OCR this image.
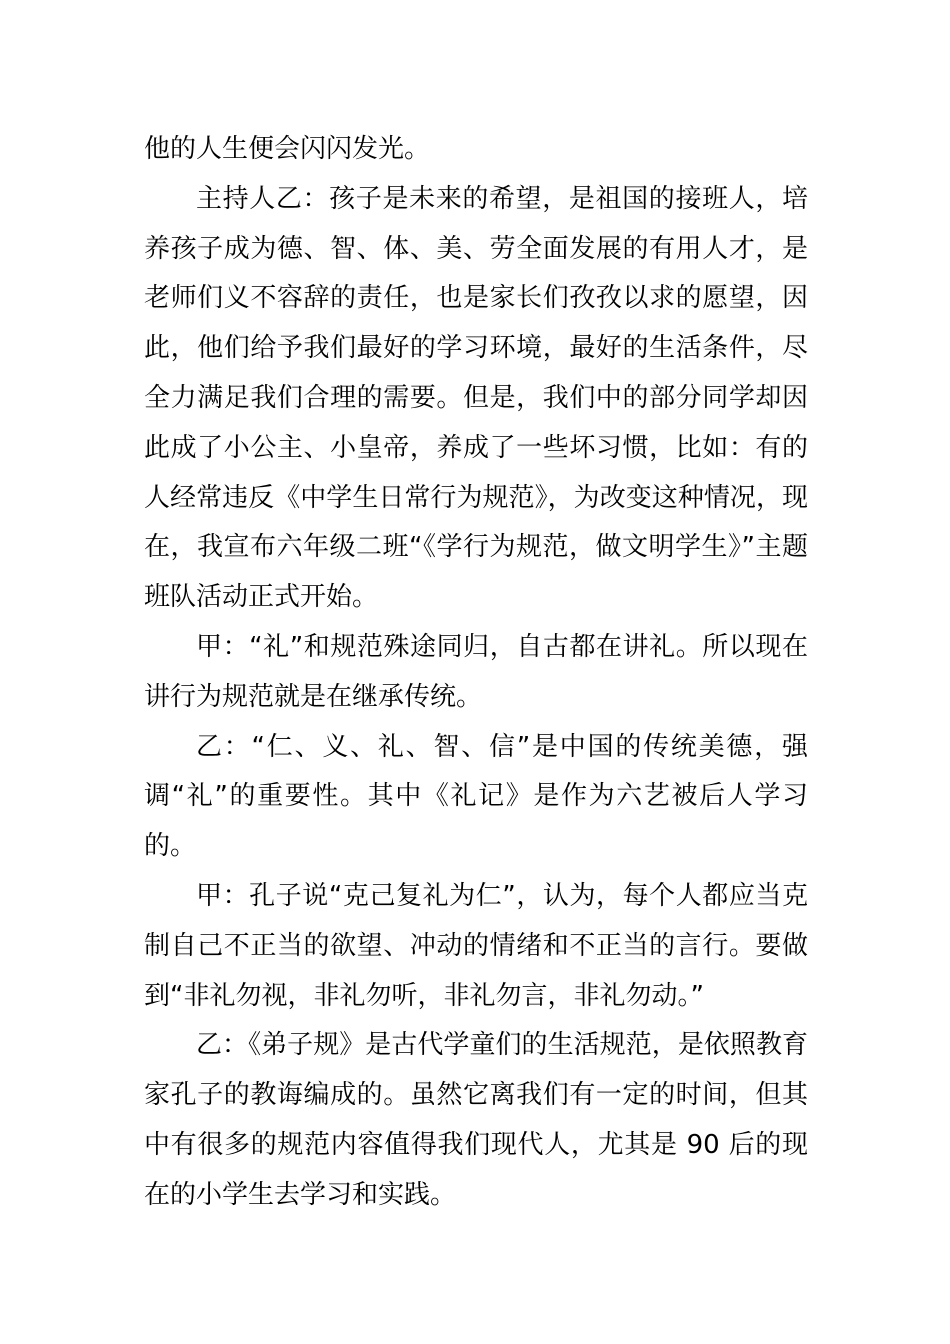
他的人生便会闪闪发光。

主持人乙：孩子是未来的希望，是祖国的接班人，培养孩子成为德、智、体、美、劳全面发展的有用人才，是老师们义不容辞的责任，也是家长们孜孜以求的愿望，因此，他们给予我们最好的学习环境，最好的生活条件，尽全力满足我们合理的需要。但是，我们中的部分同学却因此成了小公主、小皇帝，养成了一些坏习惯，比如：有的人经常违反《中学生日常行为规范》，为改变这种情况，现在，我宣布六年级二班“《学行为规范，做文明学生》”主题班队活动正式开始。

甲：“礼”和规范殊途同归，自古都在讲礼。所以现在讲行为规范就是在继承传统。

乙：“仁、义、礼、智、信”是中国的传统美德，强调“礼”的重要性。其中《礼记》是作为六艺被后人学习的。

甲：孔子说“克己复礼为仁”，认为，每个人都应当克制自己不正当的欲望、冲动的情绪和不正当的言行。要做到“非礼勿视，非礼勿听，非礼勿言，非礼勿动。”

乙：《弟子规》是古代学童们的生活规范，是依照教育家孔子的教诲编成的。虽然它离我们有一定的时间，但其中有很多的规范内容值得我们现代人，尤其是 90 后的现在的小学生去学习和实践。
